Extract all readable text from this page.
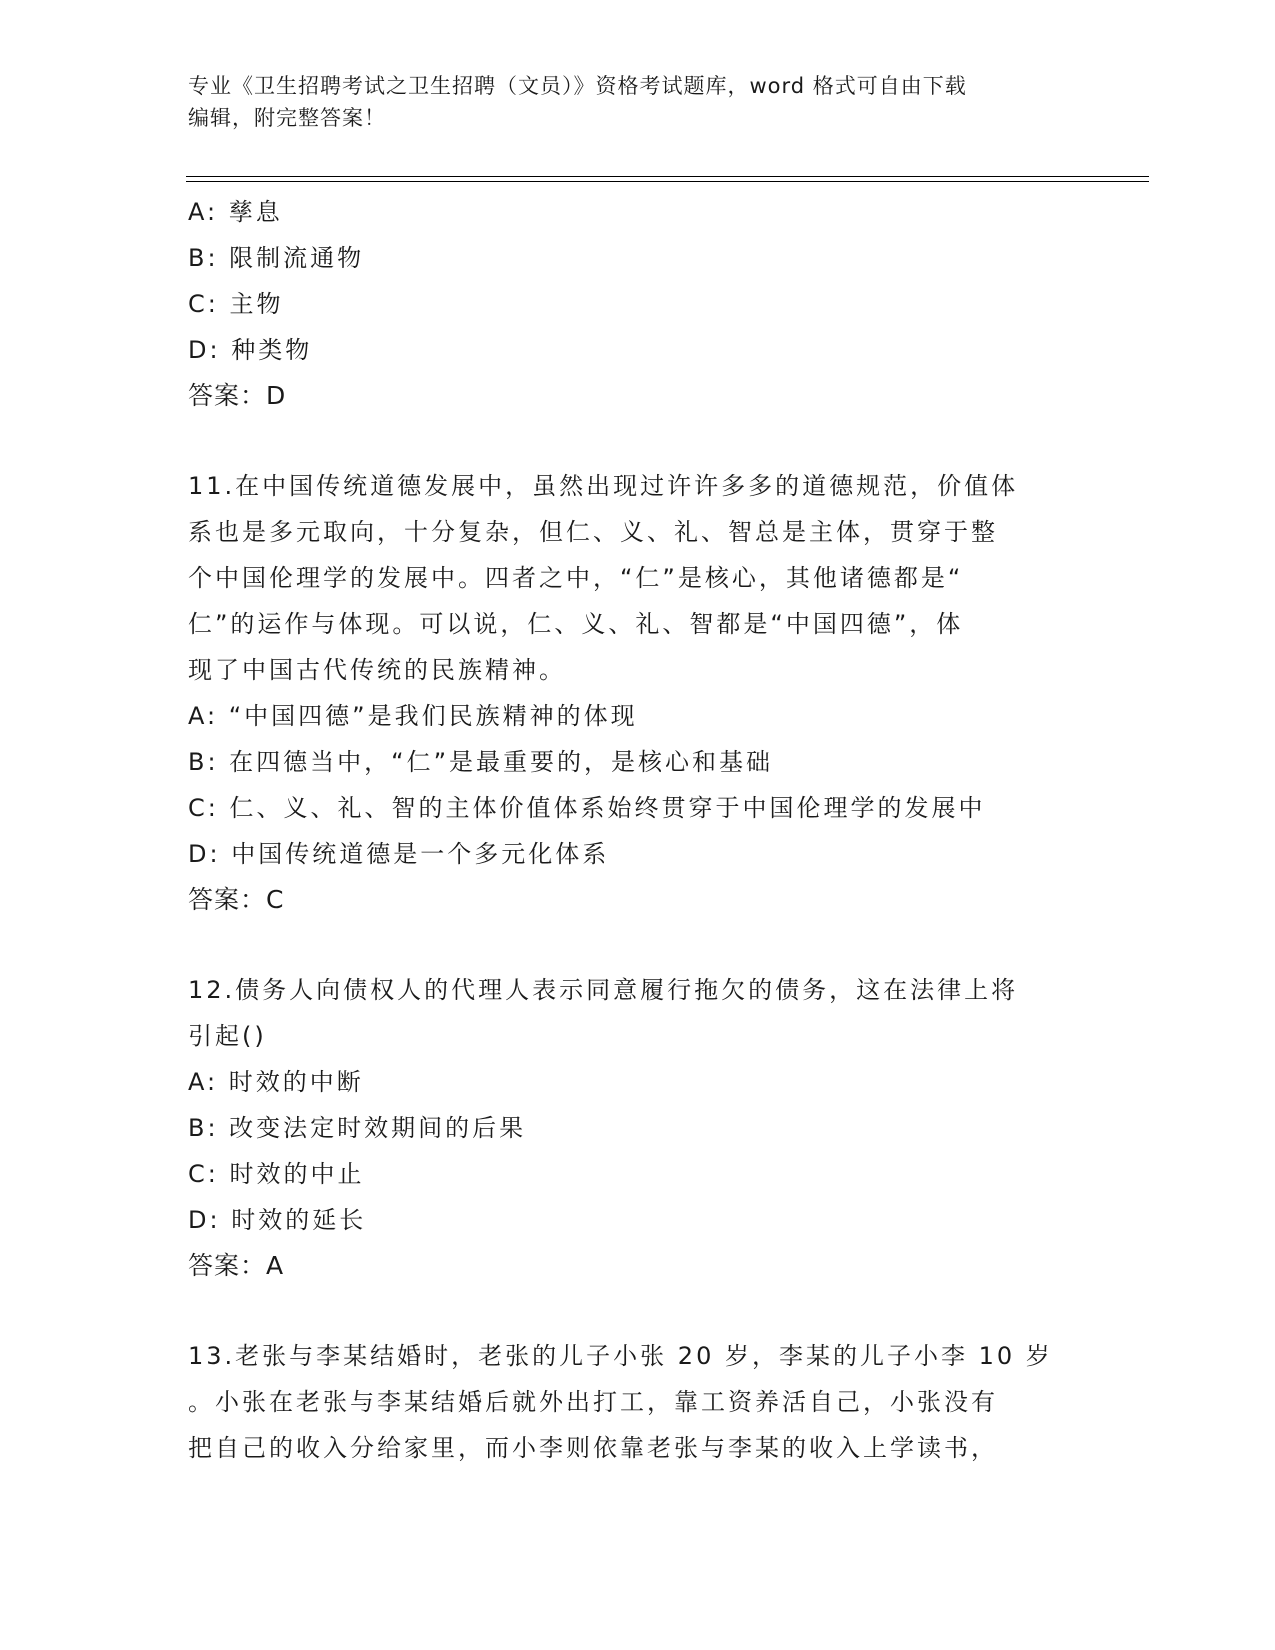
专业《卫生招聘考试之卫生招聘（文员）》资格考试题库，word 格式可自由下载
编辑，附完整答案！
A: 孳息
B: 限制流通物
C: 主物
D: 种类物
答案：D
11.在中国传统道德发展中，虽然出现过许许多多的道德规范，价值体
系也是多元取向，十分复杂，但仁、义、礼、智总是主体，贯穿于整
个中国伦理学的发展中。四者之中，“仁”是核心，其他诸德都是“
仁”的运作与体现。可以说，仁、义、礼、智都是“中国四德”，体
现了中国古代传统的民族精神。
A: “中国四德”是我们民族精神的体现
B: 在四德当中，“仁”是最重要的，是核心和基础
C: 仁、义、礼、智的主体价值体系始终贯穿于中国伦理学的发展中
D: 中国传统道德是一个多元化体系
答案：C
12.债务人向债权人的代理人表示同意履行拖欠的债务，这在法律上将
引起()
A: 时效的中断
B: 改变法定时效期间的后果
C: 时效的中止
D: 时效的延长
答案：A
13.老张与李某结婚时，老张的儿子小张 20 岁，李某的儿子小李 10 岁
。小张在老张与李某结婚后就外出打工，靠工资养活自己，小张没有
把自己的收入分给家里，而小李则依靠老张与李某的收入上学读书，
